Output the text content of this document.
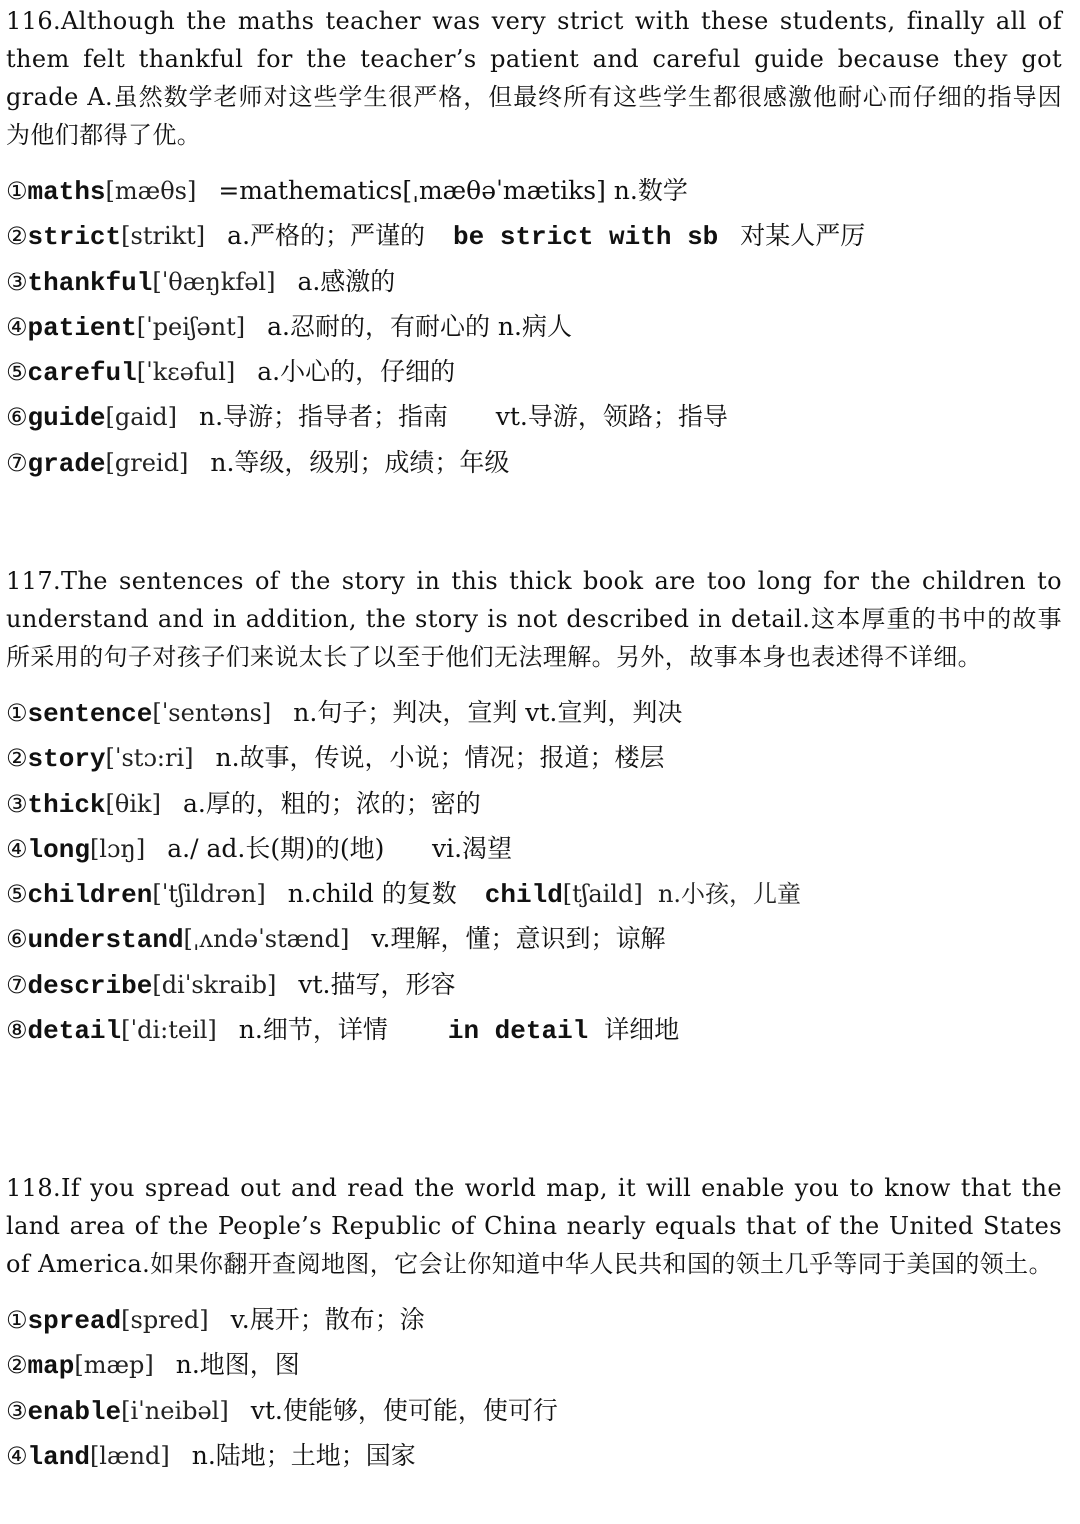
116.Although the maths teacher was very strict with these students, finally all of them felt thankful for the teacher’s patient and careful guide because they got grade A.虽然数学老师对这些学生很严格，但最终所有这些学生都很感激他耐心而仔细的指导因为他们都得了优。

①maths[mæθs] =mathematics[ˌmæθəˈmætiks] n.数学
②strict[strikt] a.严格的；严谨的 be strict with sb 对某人严厉
③thankful[ˈθæŋkfəl] a.感激的
④patient[ˈpeiʃənt] a.忍耐的，有耐心的 n.病人
⑤careful[ˈkɛəful] a.小心的，仔细的
⑥guide[gaid] n.导游；指导者；指南      vt.导游，领路；指导
⑦grade[greid] n.等级，级别；成绩；年级

117.The sentences of the story in this thick book are too long for the children to understand and in addition, the story is not described in detail.这本厚重的书中的故事所采用的句子对孩子们来说太长了以至于他们无法理解。另外，故事本身也表述得不详细。

①sentence[ˈsentəns] n.句子；判决，宣判 vt.宣判，判决
②story[ˈstɔ:ri] n.故事，传说，小说；情况；报道；楼层
③thick[θik] a.厚的，粗的；浓的；密的
④long[lɔŋ] a./ ad.长(期)的(地)      vi.渴望
⑤children[ˈtʃildrən] n.child 的复数 child[tʃaild]  n.小孩，儿童
⑥understand[ˌʌndəˈstænd] v.理解，懂；意识到；谅解
⑦describe[diˈskraib] vt.描写，形容
⑧detail[ˈdi:teil] n.细节，详情 in detail 详细地

118.If you spread out and read the world map, it will enable you to know that the land area of the People’s Republic of China nearly equals that of the United States of America.如果你翻开查阅地图，它会让你知道中华人民共和国的领土几乎等同于美国的领土。

①spread[spred] v.展开；散布；涂
②map[mæp] n.地图，图
③enable[iˈneibəl] vt.使能够，使可能，使可行
④land[lænd] n.陆地；土地；国家
